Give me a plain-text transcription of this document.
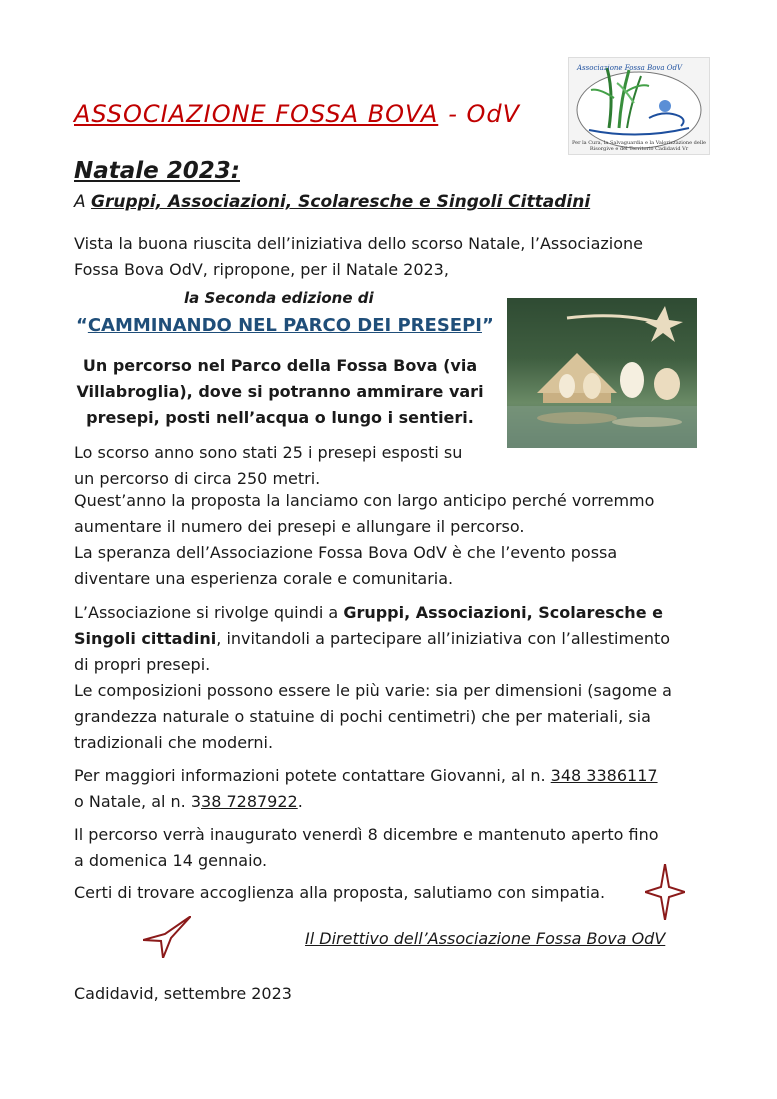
ASSOCIAZIONE FOSSA BOVA - OdV
Associazione Fossa Bova OdV
Per la Cura, la Salvaguardia e la Valorizzazione delle Risorgive e del Territorio Cadidavid Vr
Natale 2023:
A Gruppi, Associazioni, Scolaresche e Singoli Cittadini
Vista la buona riuscita dell’iniziativa dello scorso Natale, l’Associazione
Fossa Bova OdV, ripropone, per il Natale 2023,
la Seconda edizione di
“CAMMINANDO NEL PARCO DEI PRESEPI”
Un percorso nel Parco della Fossa Bova (via
Villabroglia), dove si potranno ammirare vari
presepi, posti nell’acqua o lungo i sentieri.
Lo scorso anno sono stati 25 i presepi esposti su
un percorso di circa 250 metri.
Quest’anno la proposta la lanciamo con largo anticipo perché vorremmo
aumentare il numero dei presepi e allungare il percorso.
La speranza dell’Associazione Fossa Bova OdV è che l’evento possa
diventare una esperienza corale e comunitaria.
L’Associazione si rivolge quindi a Gruppi, Associazioni, Scolaresche e
Singoli cittadini, invitandoli a partecipare all’iniziativa con l’allestimento
di propri presepi.
Le composizioni possono essere le più varie: sia per dimensioni (sagome a
grandezza naturale o statuine di pochi centimetri) che per materiali, sia
tradizionali che moderni.
Per maggiori informazioni potete contattare Giovanni, al n. 348 3386117
o Natale, al n. 338 7287922.
Il percorso verrà inaugurato venerdì 8 dicembre e mantenuto aperto fino
a domenica 14 gennaio.
Certi di trovare accoglienza alla proposta, salutiamo con simpatia.
Il Direttivo dell’Associazione Fossa Bova OdV
Cadidavid, settembre 2023
